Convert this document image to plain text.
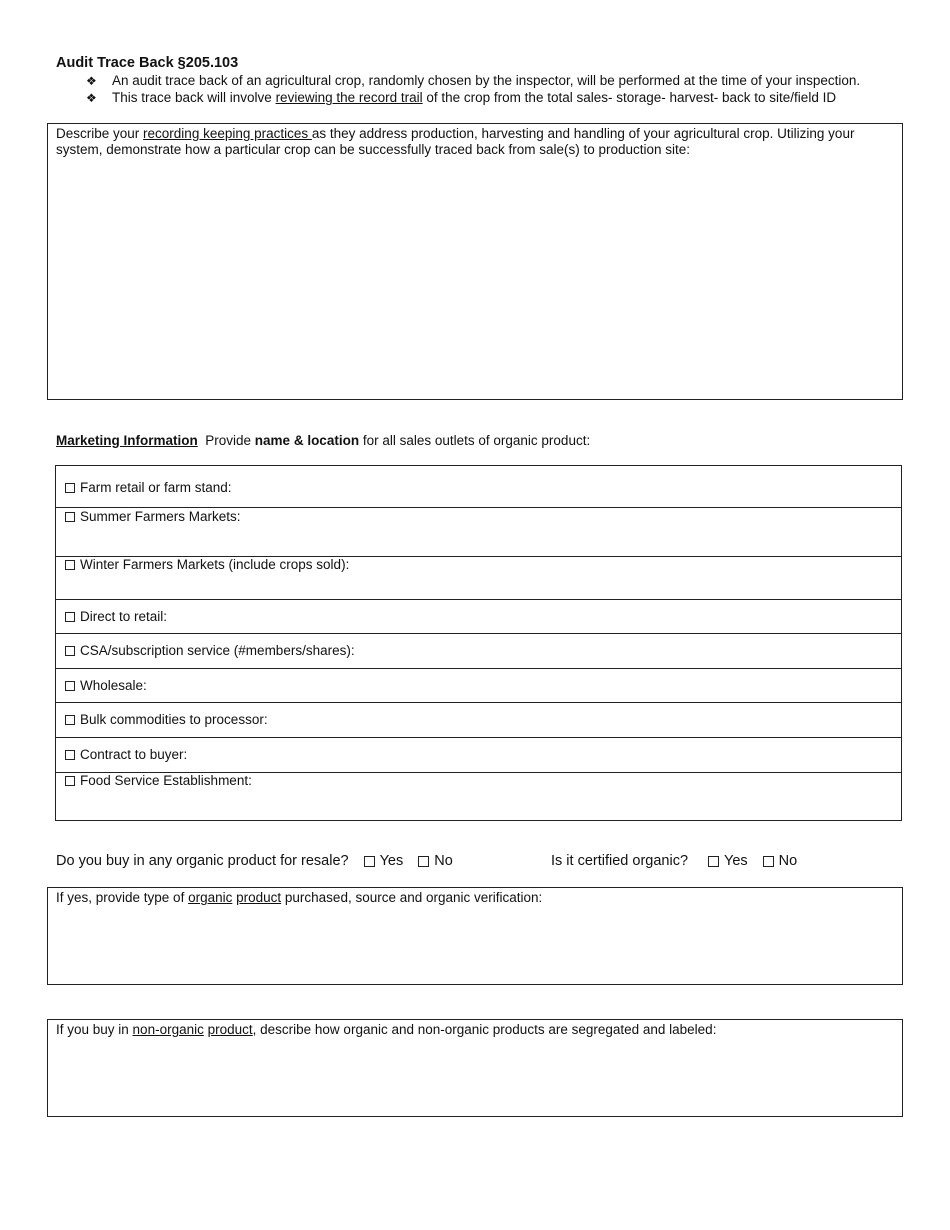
Audit Trace Back §205.103
❖ An audit trace back of an agricultural crop, randomly chosen by the inspector, will be performed at the time of your inspection.
❖ This trace back will involve reviewing the record trail of the crop from the total sales- storage- harvest- back to site/field ID
Describe your recording keeping practices as they address production, harvesting and handling of your agricultural crop. Utilizing your system, demonstrate how a particular crop can be successfully traced back from sale(s) to production site:
Marketing Information  Provide name & location for all sales outlets of organic product:
Farm retail or farm stand:
Summer Farmers Markets:
Winter Farmers Markets (include crops sold):
Direct to retail:
CSA/subscription service (#members/shares):
Wholesale:
Bulk commodities to processor:
Contract to buyer:
Food Service Establishment:
Do you buy in any organic product for resale? Yes No	Is it certified organic? Yes No
If yes, provide type of organic product purchased, source and organic verification:
If you buy in non-organic product, describe how organic and non-organic products are segregated and labeled:
